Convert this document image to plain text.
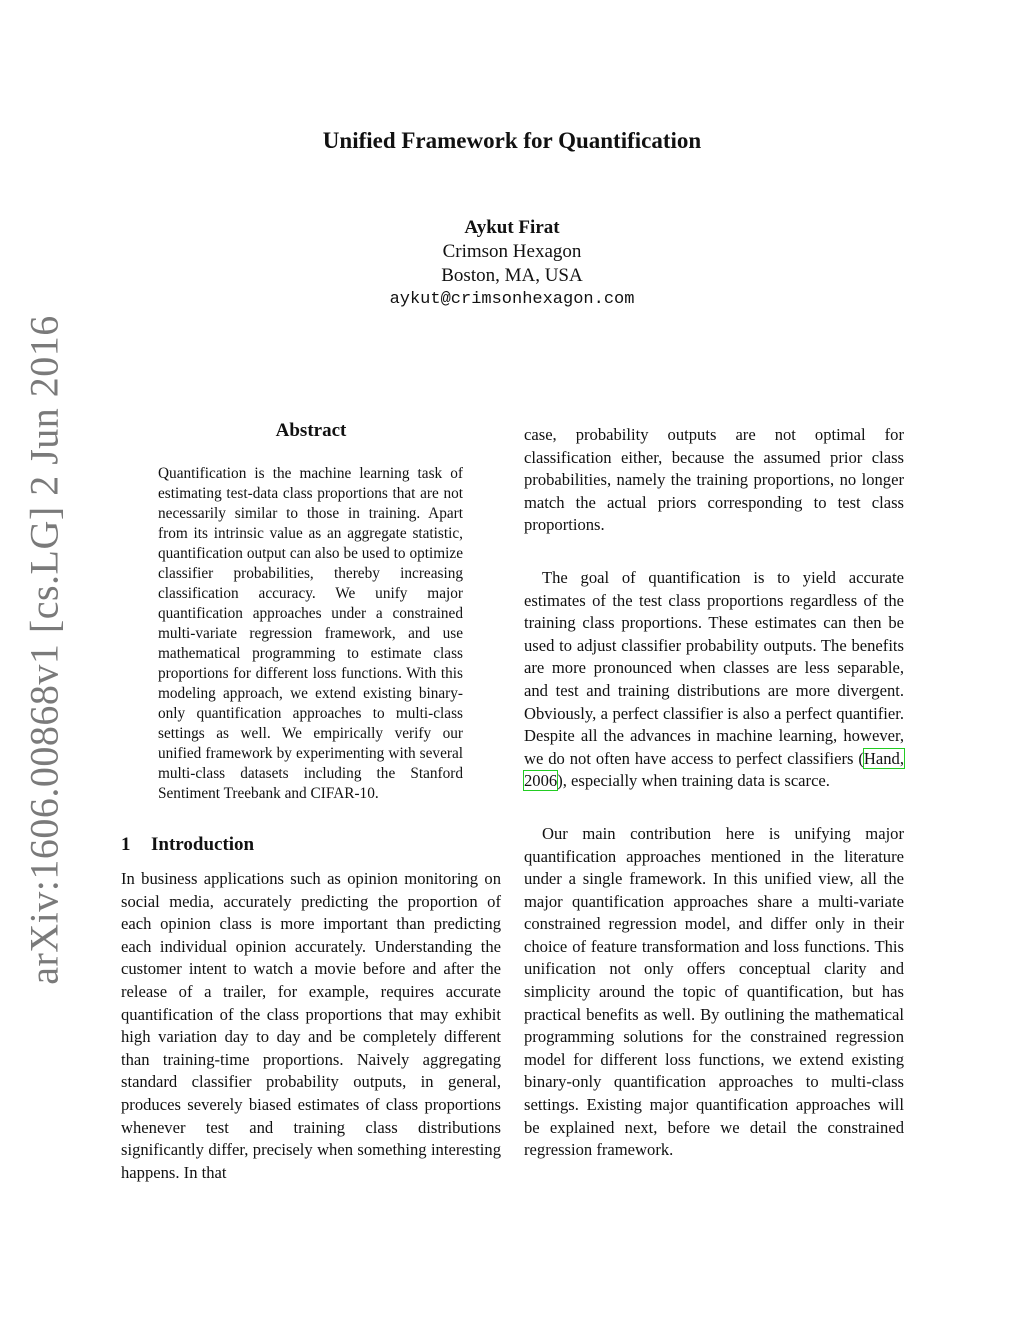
arXiv:1606.00868v1 [cs.LG] 2 Jun 2016
Unified Framework for Quantification
Aykut Firat
Crimson Hexagon
Boston, MA, USA
aykut@crimsonhexagon.com
Abstract

Quantification is the machine learning task of estimating test-data class proportions that are not necessarily similar to those in training. Apart from its intrinsic value as an aggregate statistic, quantification output can also be used to optimize classifier probabilities, thereby increasing classification accuracy. We unify major quantification approaches under a constrained multi-variate regression framework, and use mathematical programming to estimate class proportions for different loss functions. With this modeling approach, we extend existing binary-only quantification approaches to multi-class settings as well. We empirically verify our unified framework by experimenting with several multi-class datasets including the Stanford Sentiment Treebank and CIFAR-10.

1 Introduction

In business applications such as opinion monitoring on social media, accurately predicting the proportion of each opinion class is more important than predicting each individual opinion accurately. Understanding the customer intent to watch a movie before and after the release of a trailer, for example, requires accurate quantification of the class proportions that may exhibit high variation day to day and be completely different than training-time proportions. Naively aggregating standard classifier probability outputs, in general, produces severely biased estimates of class proportions whenever test and training class distributions significantly differ, precisely when something interesting happens. In that

case, probability outputs are not optimal for classification either, because the assumed prior class probabilities, namely the training proportions, no longer match the actual priors corresponding to test class proportions.

The goal of quantification is to yield accurate estimates of the test class proportions regardless of the training class proportions. These estimates can then be used to adjust classifier probability outputs. The benefits are more pronounced when classes are less separable, and test and training distributions are more divergent. Obviously, a perfect classifier is also a perfect quantifier. Despite all the advances in machine learning, however, we do not often have access to perfect classifiers (Hand, 2006), especially when training data is scarce.

Our main contribution here is unifying major quantification approaches mentioned in the literature under a single framework. In this unified view, all the major quantification approaches share a multi-variate constrained regression model, and differ only in their choice of feature transformation and loss functions. This unification not only offers conceptual clarity and simplicity around the topic of quantification, but has practical benefits as well. By outlining the mathematical programming solutions for the constrained regression model for different loss functions, we extend existing binary-only quantification approaches to multi-class settings. Existing major quantification approaches will be explained next, before we detail the constrained regression framework.
